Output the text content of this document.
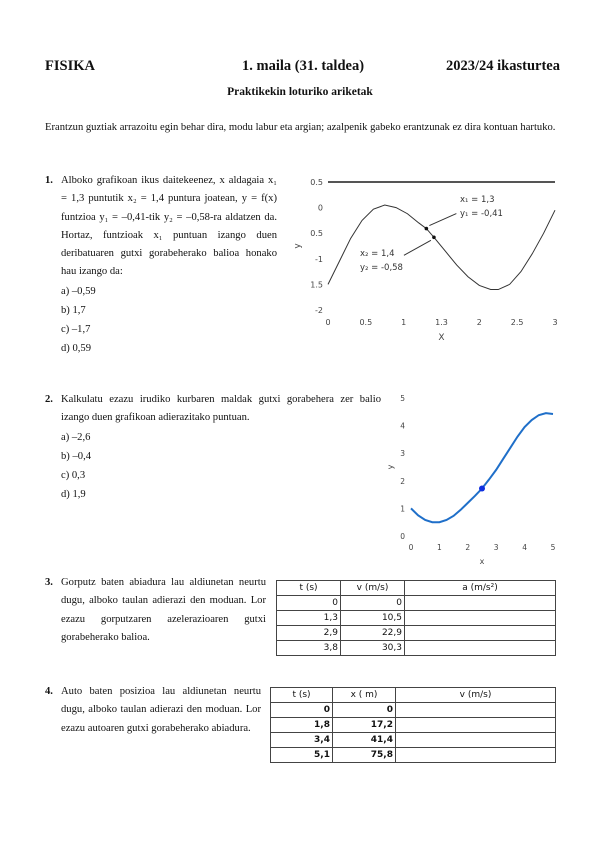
FISIKA	1. maila (31. taldea)	2023/24 ikasturtea
Praktikekin loturiko ariketak
Erantzun guztiak arrazoitu egin behar dira, modu labur eta argian; azalpenik gabeko erantzunak ez dira kontuan hartuko.
1. Alboko grafikoan ikus daitekeenez, x aldagaia x₁ = 1,3 puntutik x₂ = 1,4 puntura joatean, y = f(x) funtzioa y₁ = –0,41-tik y₂ = –0,58-ra aldatzen da. Hortaz, funtzioak x₁ puntuan izango duen deribatuaren gutxi gorabeherako balioa honako hau izango da:
a) –0,59
b) 1,7
c) –1,7
d) 0,59
0	0.5	1	1.3	2	2.5	3
0.5
0
0.5
-1
1.5
-2
X
y
x₁ = 1,3
y₁ = -0,41
x₂ = 1,4
y₂ = -0,58
2. Kalkulatu ezazu irudiko kurbaren maldak gutxi gorabehera zer balio izango duen grafikoan adierazitako puntuan.
a) –2,6
b) –0,4
c) 0,3
d) 1,9
0	1	2	3	4	5
5
4
3
2
1
0
x
y
3. Gorputz baten abiadura lau aldiunetan neurtu dugu, alboko taulan adierazi den moduan. Lor ezazu gorputzaren azelerazioaren gutxi gorabeherako balioa.
t (s)	v (m/s)	a (m/s²)
0	0	
1,3	10,5	
2,9	22,9	
3,8	30,3	
4. Auto baten posizioa lau aldiunetan neurtu dugu, alboko taulan adierazi den moduan. Lor ezazu autoaren gutxi gorabeherako abiadura.
t (s)	x ( m)	v (m/s)
0	0	
1,8	17,2	
3,4	41,4	
5,1	75,8	
